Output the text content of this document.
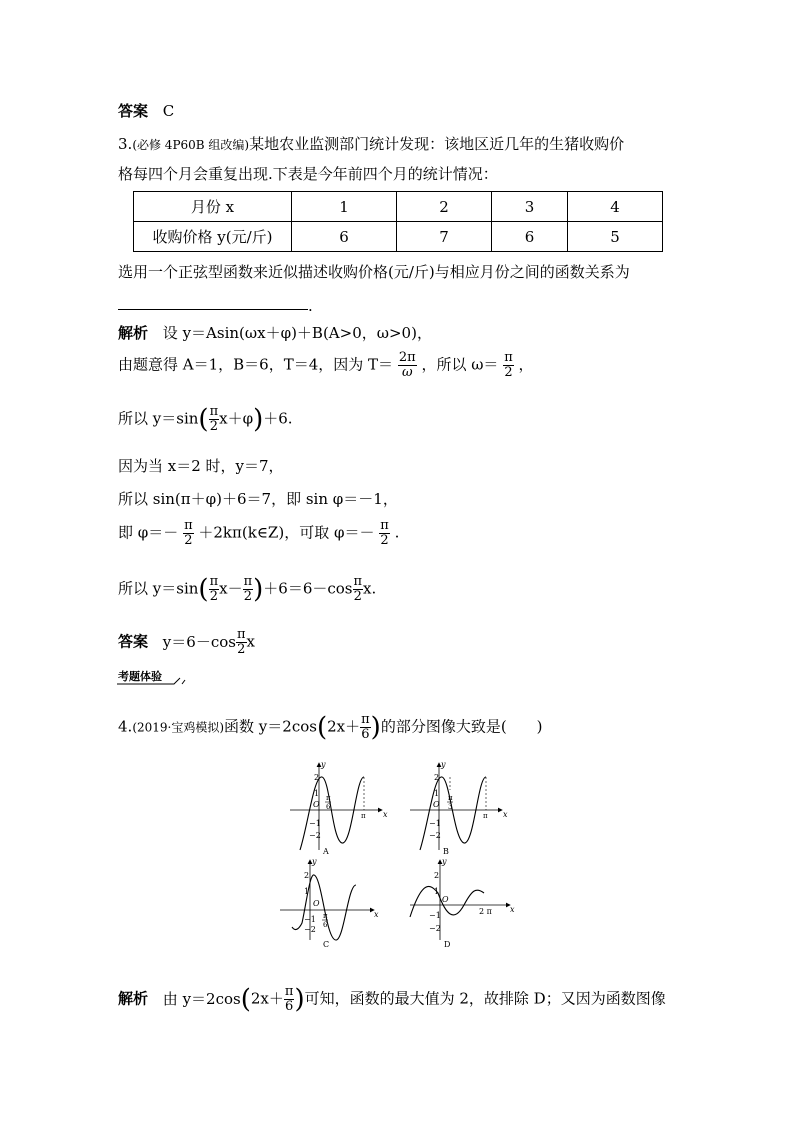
答案 C
3.(必修 4P60B 组改编)某地农业监测部门统计发现：该地区近几年的生猪收购价
格每四个月会重复出现.下表是今年前四个月的统计情况：
月份 x	1	2	3	4
收购价格 y(元/斤)	6	7	6	5
选用一个正弦型函数来近似描述收购价格(元/斤)与相应月份之间的函数关系为
.
解析 设 y＝Asin(ωx＋φ)＋B(A>0，ω>0)，
由题意得 A＝1，B＝6，T＝4，因为 $T= \frac{2\pi}{\omega}$ ，所以 $\omega= \frac{\pi}{2}$ ，
所以 $y=\sin( \frac{\pi}{2} x+\varphi)+6$.
因为当 x＝2 时，y＝7，
所以 sin(π＋φ)＋6＝7，即 sin φ＝－1，
即 $\varphi=- \frac{\pi}{2}$ ＋2kπ(k∈Z)，可取 $\varphi=- \frac{\pi}{2}$ .
所以 $y=\sin( \frac{\pi}{2} x- \frac{\pi}{2} )+6=6-\cos \frac{\pi}{2} x$.
答案 $y=6-\cos \frac{\pi}{2}$ x
考题体验
4.(2019·宝鸡模拟)函数 $y=2\cos(2x+ \frac{\pi}{6}$ )的部分图像大致是(　　)
y
x
2
1
−1
−2
O
π
6
π
A
y
x
2
1
−1
−2
O
π
3
π
B
y
x
2
1
−1
−2
O
π
6
C
y
x
2
1
−1
−2
O
2 π
D
解析 由 $y=2\cos(2x+ \frac{\pi}{6}$ )可知，函数的最大值为 2，故排除 D；又因为函数图像
